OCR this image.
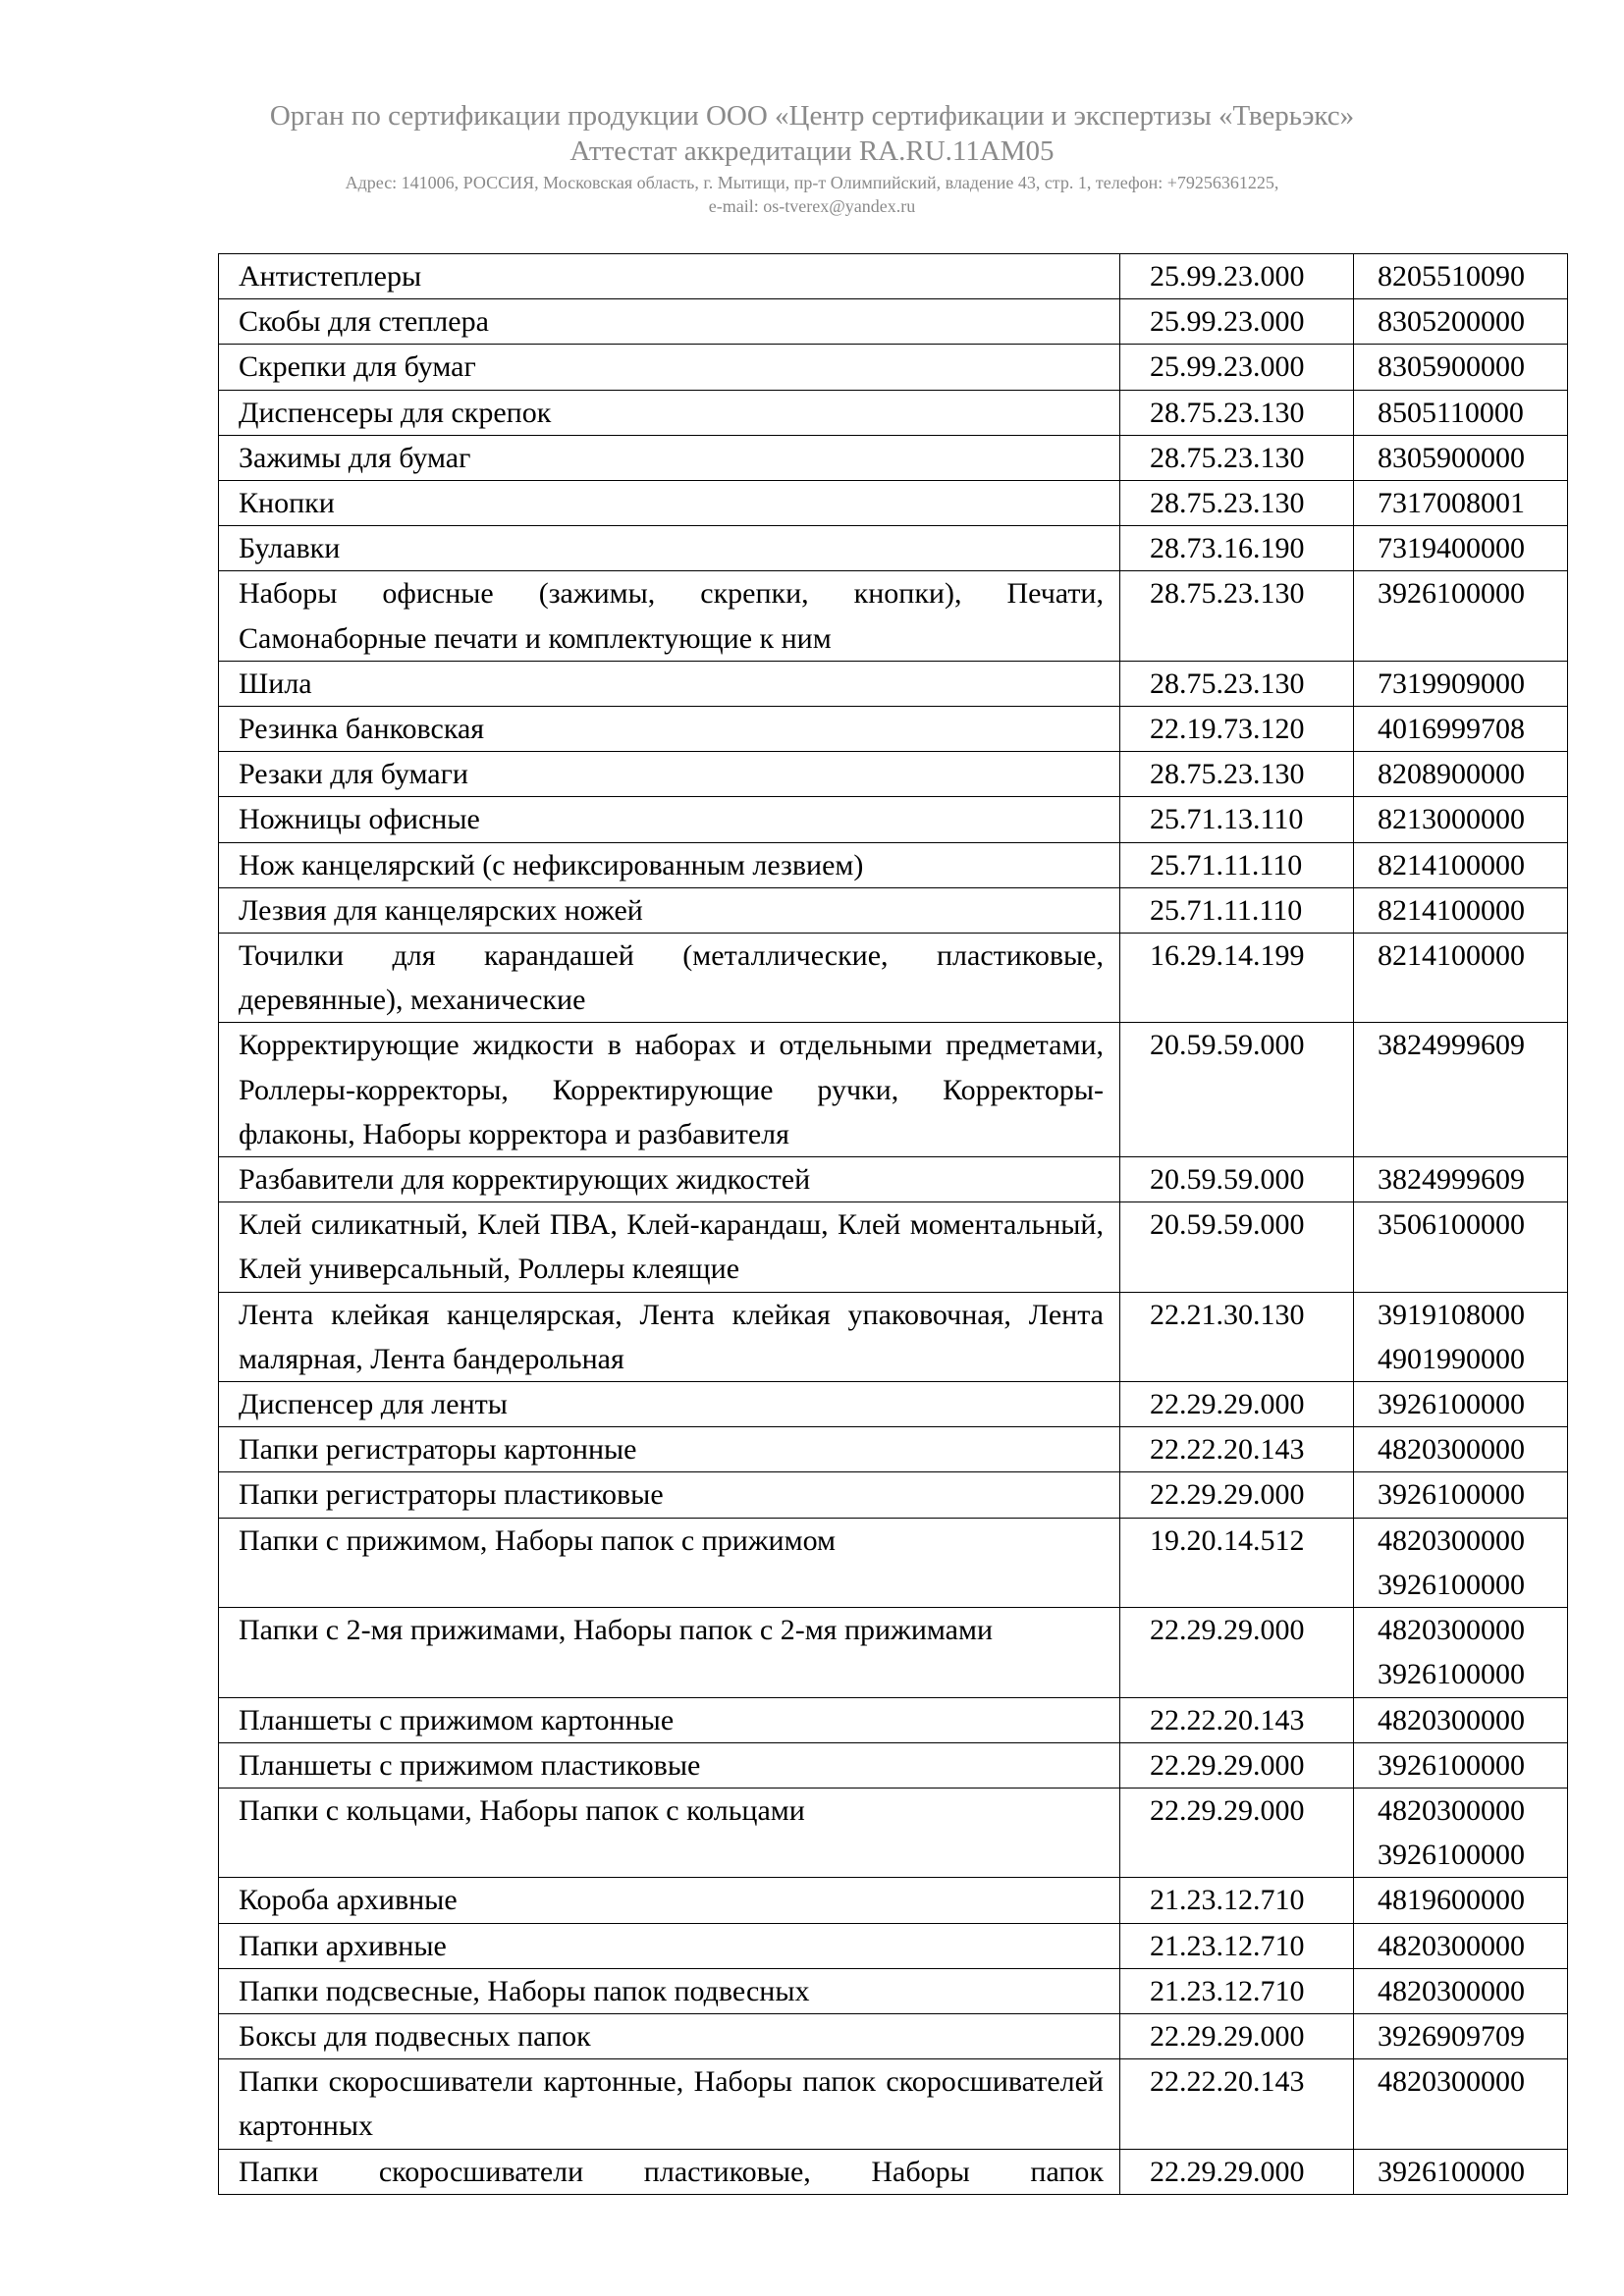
Орган по сертификации продукции ООО «Центр сертификации и экспертизы «Тверьэкс»
Аттестат аккредитации RA.RU.11АМ05
Адрес: 141006, РОССИЯ, Московская область, г. Мытищи, пр-т Олимпийский, владение 43, стр. 1, телефон: +79256361225,
e-mail: os-tverex@yandex.ru
Антистеплеры	25.99.23.000	8205510090

Скобы для степлера	25.99.23.000	8305200000

Скрепки для бумаг	25.99.23.000	8305900000

Диспенсеры для скрепок	28.75.23.130	8505110000

Зажимы для бумаг	28.75.23.130	8305900000

Кнопки	28.75.23.130	7317008001

Булавки	28.73.16.190	7319400000

Наборы офисные (зажимы, скрепки, кнопки), Печати, Самонаборные печати и комплектующие к ним	28.75.23.130	3926100000

Шила	28.75.23.130	7319909000

Резинка банковская	22.19.73.120	4016999708

Резаки для бумаги	28.75.23.130	8208900000

Ножницы офисные	25.71.13.110	8213000000

Нож канцелярский (с нефиксированным лезвием)	25.71.11.110	8214100000

Лезвия для канцелярских ножей	25.71.11.110	8214100000

Точилки для карандашей (металлические, пластиковые, деревянные), механические	16.29.14.199	8214100000

Корректирующие жидкости в наборах и отдельными предметами, Роллеры-корректоры, Корректирующие ручки, Корректоры-флаконы, Наборы корректора и разбавителя	20.59.59.000	3824999609

Разбавители для корректирующих жидкостей	20.59.59.000	3824999609

Клей силикатный, Клей ПВА, Клей-карандаш, Клей моментальный, Клей универсальный, Роллеры клеящие	20.59.59.000	3506100000

Лента клейкая канцелярская, Лента клейкая упаковочная, Лента малярная, Лента бандерольная	22.21.30.130	3919108000
4901990000

Диспенсер для ленты	22.29.29.000	3926100000

Папки регистраторы картонные	22.22.20.143	4820300000

Папки регистраторы пластиковые	22.29.29.000	3926100000

Папки с прижимом, Наборы папок с прижимом	19.20.14.512	4820300000
3926100000

Папки с 2-мя прижимами, Наборы папок с 2-мя прижимами	22.29.29.000	4820300000
3926100000

Планшеты с прижимом картонные	22.22.20.143	4820300000

Планшеты с прижимом пластиковые	22.29.29.000	3926100000

Папки с кольцами, Наборы папок с кольцами	22.29.29.000	4820300000
3926100000

Короба архивные	21.23.12.710	4819600000

Папки архивные	21.23.12.710	4820300000

Папки подсвесные, Наборы папок подвесных	21.23.12.710	4820300000

Боксы для подвесных папок	22.29.29.000	3926909709

Папки скоросшиватели картонные, Наборы папок скоросшивателей картонных	22.22.20.143	4820300000

Папки скоросшиватели пластиковые, Наборы папок	22.29.29.000	3926100000
